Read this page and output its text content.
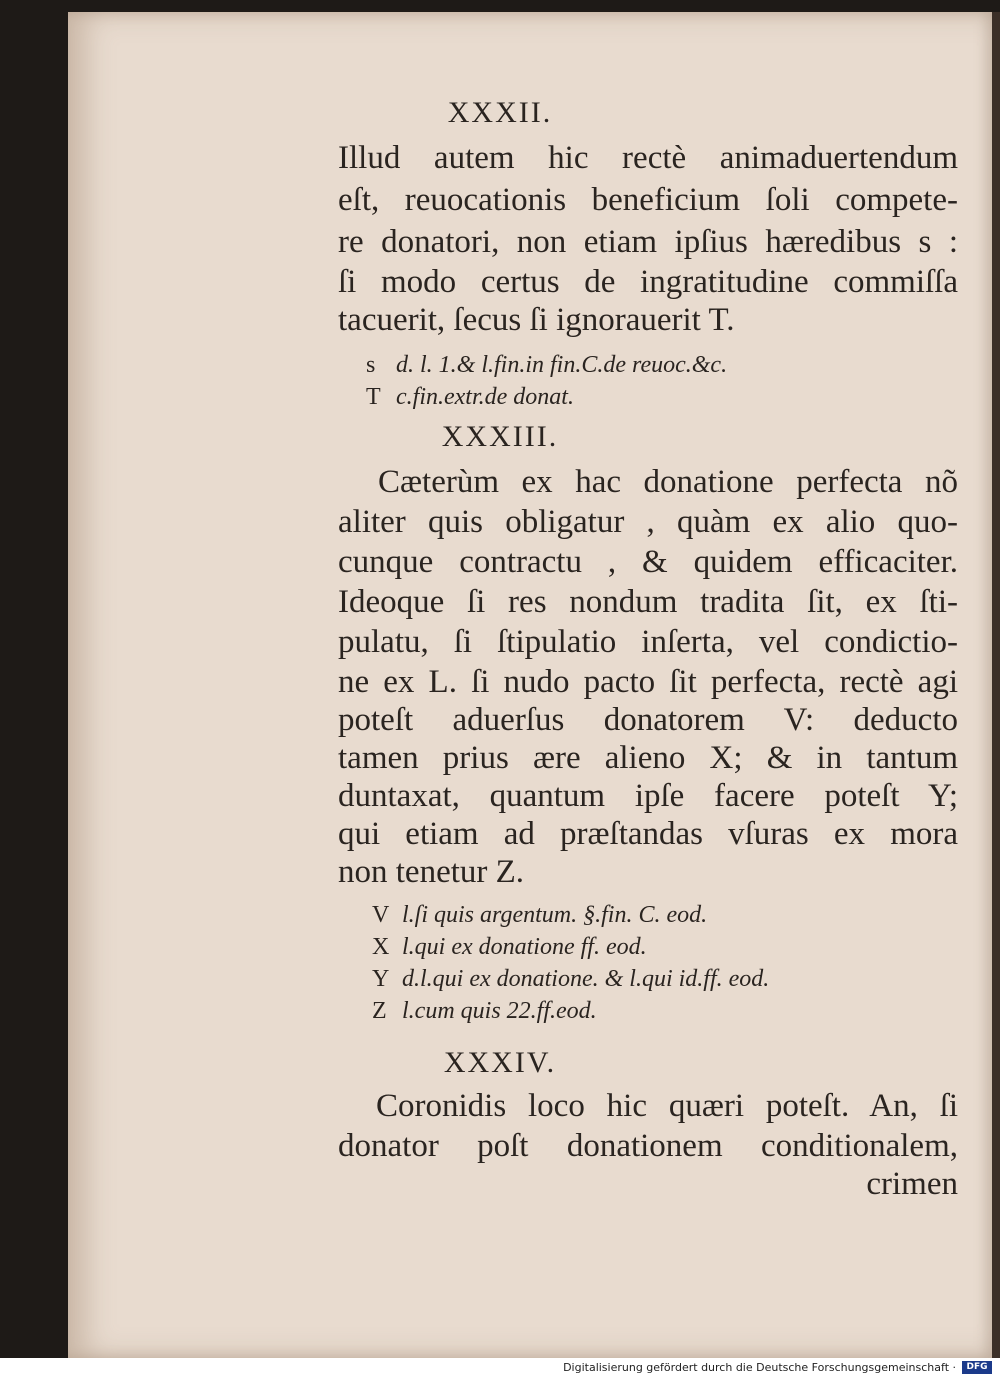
XXXII.
Illud autem hic rectè animaduertendum
eſt, reuocationis beneficium ſoli compete-
re donatori, non etiam ipſius hæredibus s :
ſi modo certus de ingratitudine commiſſa
tacuerit, ſecus ſi ignorauerit T.
s d. l. 1.& l.fin.in fin.C.de reuoc.&c.
T c.fin.extr.de donat.
XXXIII.
Cæterùm ex hac donatione perfecta nõ
aliter quis obligatur , quàm ex alio quo-
cunque contractu , & quidem efficaciter.
Ideoque ſi res nondum tradita ſit, ex ſti-
pulatu, ſi ſtipulatio inſerta, vel condictio-
ne ex L. ſi nudo pacto ſit perfecta, rectè agi
poteſt aduerſus donatorem V: deducto
tamen prius ære alieno X; & in tantum
duntaxat, quantum ipſe facere poteſt Y;
qui etiam ad præſtandas vſuras ex mora
non tenetur Z.
V l.ſi quis argentum. §.fin. C. eod.
X l.qui ex donatione ff. eod.
Y d.l.qui ex donatione. & l.qui id.ff. eod.
Z l.cum quis 22.ff.eod.
XXXIV.
Coronidis loco hic quæri poteſt. An, ſi
donator poſt donationem conditionalem,
crimen
Digitalisierung gefördert durch die Deutsche Forschungsgemeinschaft ·	DFG
